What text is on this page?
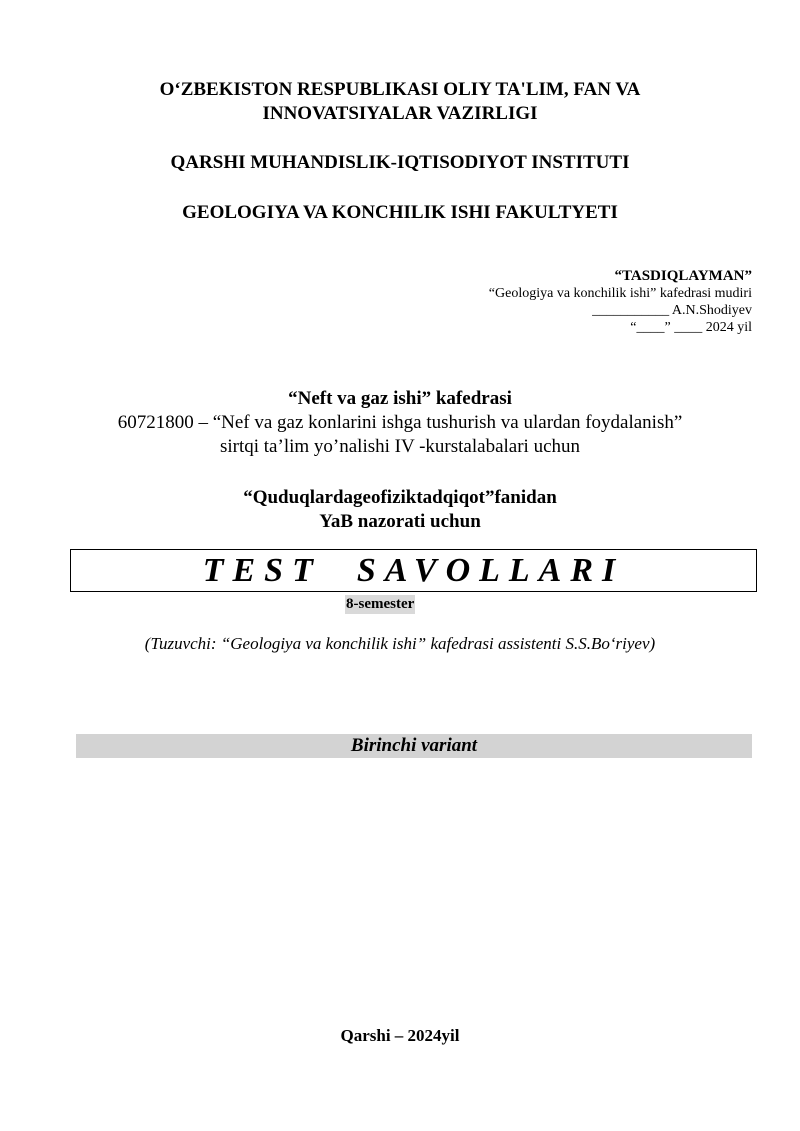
O‘ZBEKISTON RESPUBLIKASI OLIY TA'LIM, FAN VA
INNOVATSIYALAR VAZIRLIGI
QARSHI MUHANDISLIK-IQTISODIYOT INSTITUTI
GEOLOGIYA VA KONCHILIK ISHI FAKULTYETI
“TASDIQLAYMAN”
“Geologiya va konchilik ishi” kafedrasi mudiri
___________ A.N.Shodiyev
“____” ____ 2024 yil
“Neft va gaz ishi” kafedrasi
60721800 – “Nef va gaz konlarini ishga tushurish va ulardan foydalanish”
sirtqi ta’lim yo’nalishi IV -kurstalabalari uchun
“Quduqlardageofiziktadqiqot”fanidan
YaB nazorati uchun
TEST  SAVOLLARI
8-semester
(Tuzuvchi: “Geologiya va konchilik ishi” kafedrasi assistenti S.S.Bo‘riyev)
Birinchi variant
Qarshi – 2024yil
